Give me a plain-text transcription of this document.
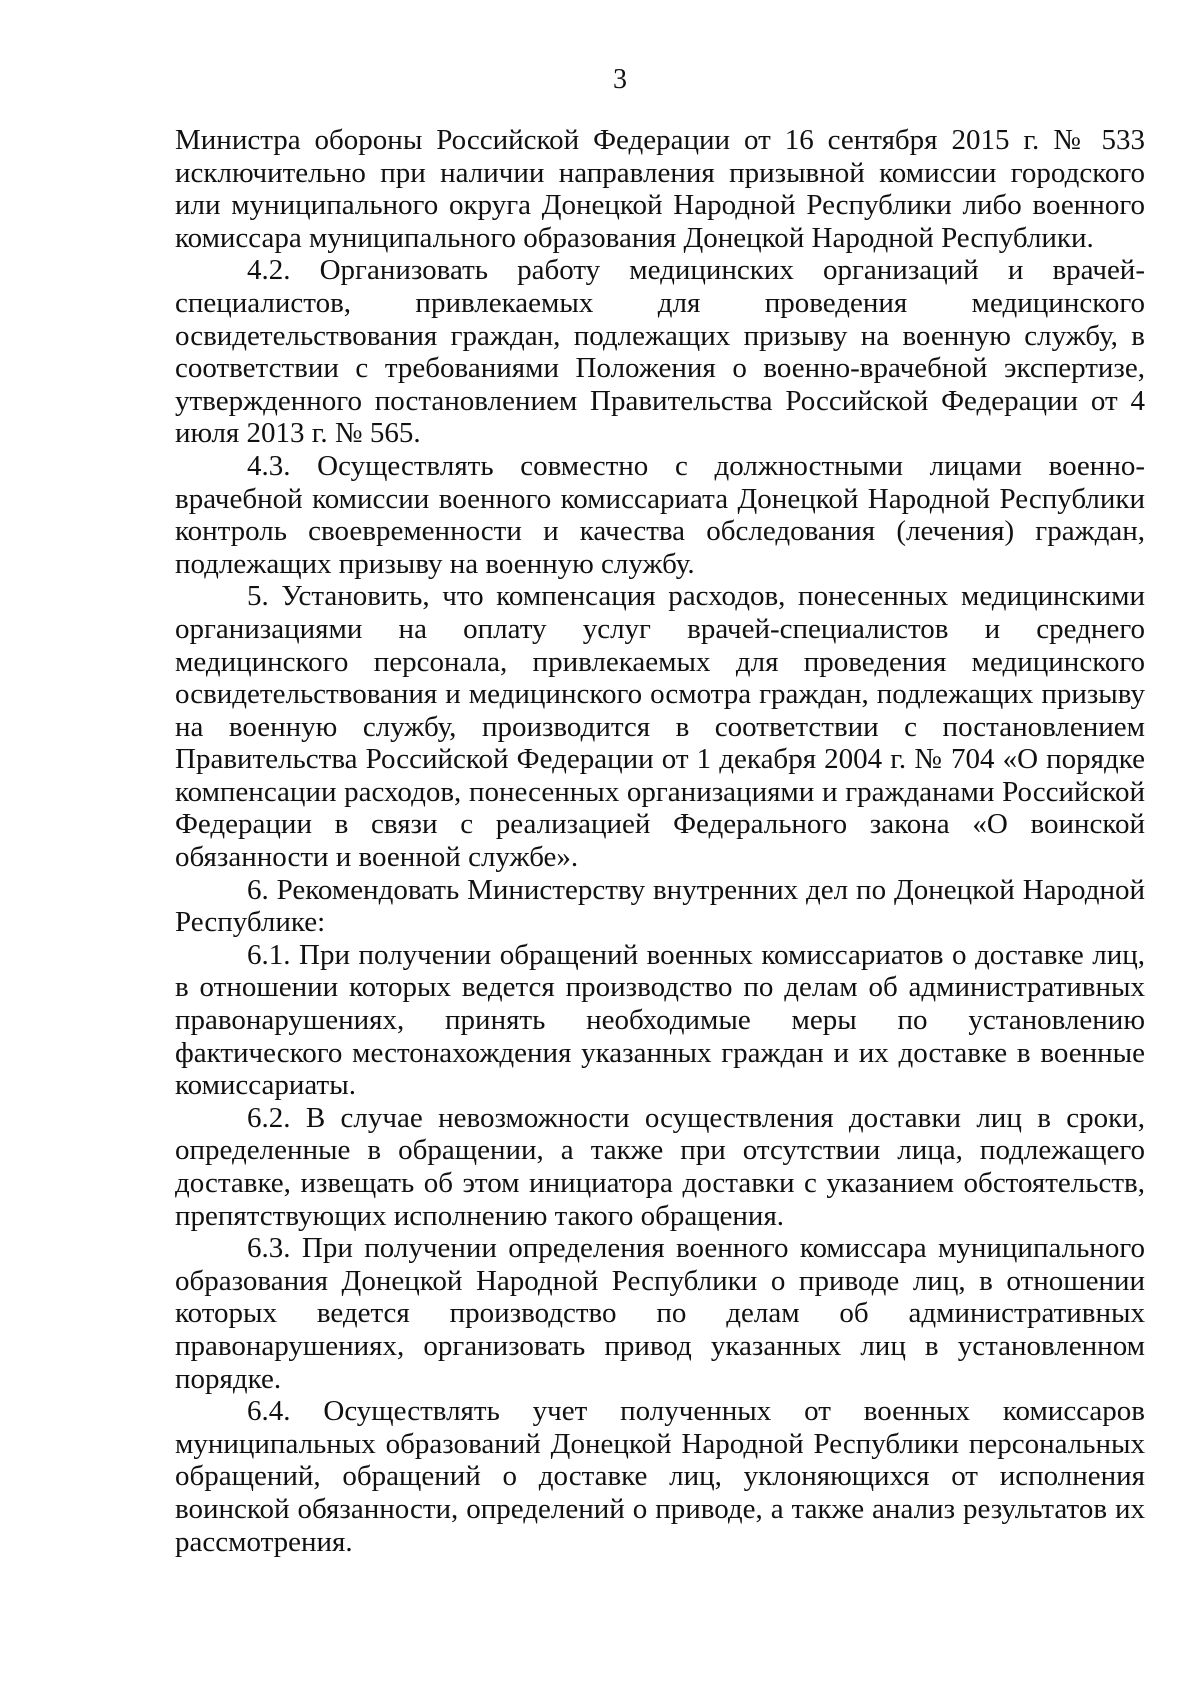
3

Министра обороны Российской Федерации от 16 сентября 2015 г. № 533 исключительно при наличии направления призывной комиссии городского или муниципального округа Донецкой Народной Республики либо военного комиссара муниципального образования Донецкой Народной Республики.

4.2. Организовать работу медицинских организаций и врачей-специалистов, привлекаемых для проведения медицинского освидетельствования граждан, подлежащих призыву на военную службу, в соответствии с требованиями Положения о военно-врачебной экспертизе, утвержденного постановлением Правительства Российской Федерации от 4 июля 2013 г. № 565.

4.3. Осуществлять совместно с должностными лицами военно-врачебной комиссии военного комиссариата Донецкой Народной Республики контроль своевременности и качества обследования (лечения) граждан, подлежащих призыву на военную службу.

5. Установить, что компенсация расходов, понесенных медицинскими организациями на оплату услуг врачей-специалистов и среднего медицинского персонала, привлекаемых для проведения медицинского освидетельствования и медицинского осмотра граждан, подлежащих призыву на военную службу, производится в соответствии с постановлением Правительства Российской Федерации от 1 декабря 2004 г. № 704 «О порядке компенсации расходов, понесенных организациями и гражданами Российской Федерации в связи с реализацией Федерального закона «О воинской обязанности и военной службе».

6. Рекомендовать Министерству внутренних дел по Донецкой Народной Республике:

6.1. При получении обращений военных комиссариатов о доставке лиц, в отношении которых ведется производство по делам об административных правонарушениях, принять необходимые меры по установлению фактического местонахождения указанных граждан и их доставке в военные комиссариаты.

6.2. В случае невозможности осуществления доставки лиц в сроки, определенные в обращении, а также при отсутствии лица, подлежащего доставке, извещать об этом инициатора доставки с указанием обстоятельств, препятствующих исполнению такого обращения.

6.3. При получении определения военного комиссара муниципального образования Донецкой Народной Республики о приводе лиц, в отношении которых ведется производство по делам об административных правонарушениях, организовать привод указанных лиц в установленном порядке.

6.4. Осуществлять учет полученных от военных комиссаров муниципальных образований Донецкой Народной Республики персональных обращений, обращений о доставке лиц, уклоняющихся от исполнения воинской обязанности, определений о приводе, а также анализ результатов их рассмотрения.
